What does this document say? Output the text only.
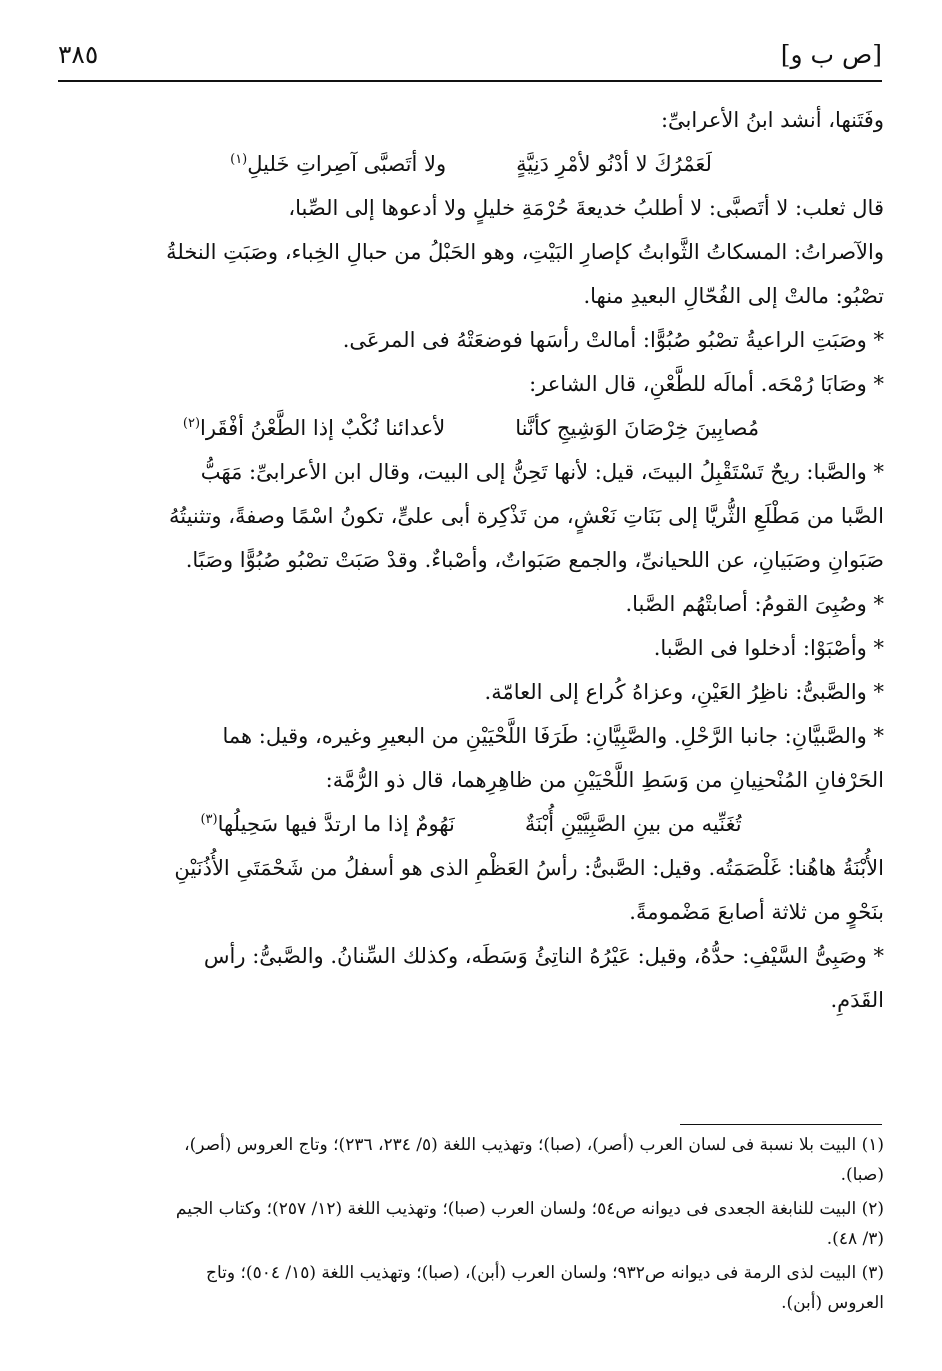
٣٨٥	[ص ب و]
وفَتَنها، أنشد ابنُ الأعرابىِّ:
لَعَمْرُكَ لا أدْنُو لأمْرِ دَنِيَّةٍ
ولا أتَصبَّى آصِراتِ خَليلِ$^{(١)}$
قال ثعلب: لا أتَصبَّى: لا أطلبُ خديعةَ حُرْمَةِ خليلٍ ولا أدعوها إلى الصِّبا،
والآصراتُ: المسكاتُ الثَّوابتُ كإصارِ البَيْتِ، وهو الحَبْلُ من حبالِ الخِباء، وصَبَتِ النخلةُ
تصْبُو: مالتْ إلى الفُحّالِ البعيدِ منها.
* وصَبَتِ الراعيةُ تصْبُو صُبُوًّا: أمالتْ رأسَها فوضعَتْهُ فى المرعَى.
* وصَابَا رُمْحَه. أمالَه للطَّعْنِ، قال الشاعر:
مُصابِينَ خِرْصَانَ الوَشِيجِ كأنَّنا
لأعدائنا نُكْبٌ إذا الطَّعْنُ أفْقَرا$^{(٢)}$
* والصَّبا: ريحٌ تَسْتَقْبِلُ البيتَ، قيل: لأنها تَحِنُّ إلى البيت، وقال ابن الأعرابىِّ: مَهَبُّ
الصَّبا من مَطْلَعِ الثُّريَّا إلى بَنَاتِ نَعْشٍ، من تَذْكِرة أبى علىٍّ، تكونُ اسْمًا وصفةً، وتثنيتُهُ
صَبَوانِ وصَبَيانِ، عن اللحيانىِّ، والجمع صَبَواتٌ، وأصْباءٌ. وقدْ صَبَتْ تصْبُو صُبُوًّا وصَبًا.
* وصُبِىَ القومُ: أصابتْهُم الصَّبا.
* وأصْبَوْا: أدخلوا فى الصَّبا.
* والصَّبىُّ: ناظِرُ العَيْنِ، وعزاهُ كُراع إلى العامّة.
* والصَّبيَّانِ: جانبا الرَّحْلِ. والصَّبِيَّانِ: طَرَفَا اللَّحْيَيْنِ من البعيرِ وغيره، وقيل: هما
الحَرْفانِ المُنْحنِيانِ من وَسَطِ اللَّحْيَيْنِ من ظاهِرِهما، قال ذو الرُّمَّة:
تُغَنِّيه من بينِ الصَّبِيَّيْنِ أُبْنَةٌ
نَهُومٌ إذا ما ارتدَّ فيها سَحِيلُها$^{(٣)}$
الأُبْنَةُ هاهُنا: غَلْصَمَتُه. وقيل: الصَّبىُّ: رأسُ العَظْمِ الذى هو أسفلُ من شَحْمَتَىِ الأُذُنَيْنِ
بنَحْوٍ من ثلاثة أصابعَ مَضْمومةً.
* وصَبِىُّ السَّيْفِ: حدُّهُ، وقيل: عَيْرُهُ الناتِئُ وَسَطَه، وكذلك السِّنانُ. والصَّبىُّ: رأس
القَدَمِ.
(١) البيت بلا نسبة فى لسان العرب (أصر)، (صبا)؛ وتهذيب اللغة (٥/ ٢٣٤، ٢٣٦)؛ وتاج العروس (أصر)،
(صبا).
(٢) البيت للنابغة الجعدى فى ديوانه ص٥٤؛ ولسان العرب (صبا)؛ وتهذيب اللغة (١٢/ ٢٥٧)؛ وكتاب الجيم
(٣/ ٤٨).
(٣) البيت لذى الرمة فى ديوانه ص٩٣٢؛ ولسان العرب (أبن)، (صبا)؛ وتهذيب اللغة (١٥/ ٥٠٤)؛ وتاج
العروس (أبن).
